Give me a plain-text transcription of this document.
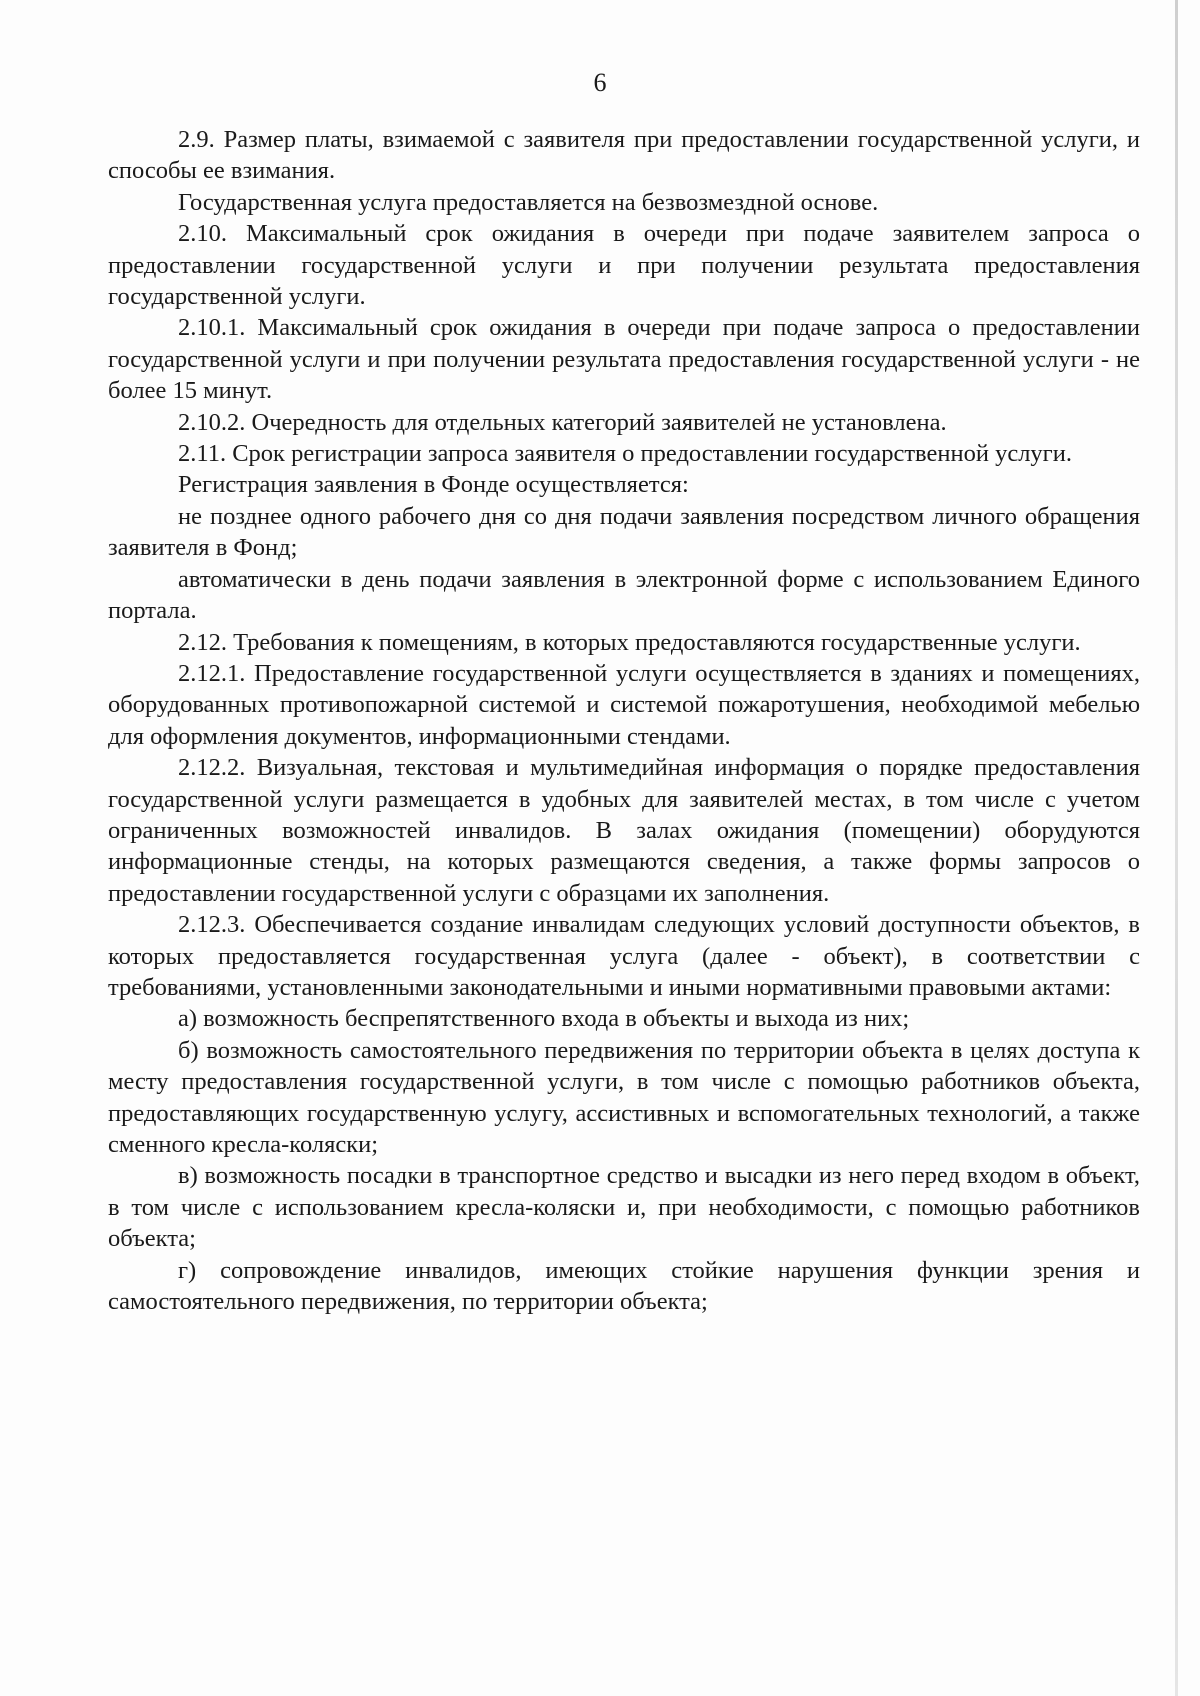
6

2.9. Размер платы, взимаемой с заявителя при предоставлении государственной услуги, и способы ее взимания.

Государственная услуга предоставляется на безвозмездной основе.

2.10. Максимальный срок ожидания в очереди при подаче заявителем запроса о предоставлении государственной услуги и при получении результата предоставления государственной услуги.

2.10.1. Максимальный срок ожидания в очереди при подаче запроса о предоставлении государственной услуги и при получении результата предоставления государственной услуги - не более 15 минут.

2.10.2. Очередность для отдельных категорий заявителей не установлена.

2.11. Срок регистрации запроса заявителя о предоставлении государственной услуги.

Регистрация заявления в Фонде осуществляется:

не позднее одного рабочего дня со дня подачи заявления посредством личного обращения заявителя в Фонд;

автоматически в день подачи заявления в электронной форме с использованием Единого портала.

2.12. Требования к помещениям, в которых предоставляются государственные услуги.

2.12.1. Предоставление государственной услуги осуществляется в зданиях и помещениях, оборудованных противопожарной системой и системой пожаротушения, необходимой мебелью для оформления документов, информационными стендами.

2.12.2. Визуальная, текстовая и мультимедийная информация о порядке предоставления государственной услуги размещается в удобных для заявителей местах, в том числе с учетом ограниченных возможностей инвалидов. В залах ожидания (помещении) оборудуются информационные стенды, на которых размещаются сведения, а также формы запросов о предоставлении государственной услуги с образцами их заполнения.

2.12.3. Обеспечивается создание инвалидам следующих условий доступности объектов, в которых предоставляется государственная услуга (далее - объект), в соответствии с требованиями, установленными законодательными и иными нормативными правовыми актами:

а) возможность беспрепятственного входа в объекты и выхода из них;

б) возможность самостоятельного передвижения по территории объекта в целях доступа к месту предоставления государственной услуги, в том числе с помощью работников объекта, предоставляющих государственную услугу, ассистивных и вспомогательных технологий, а также сменного кресла-коляски;

в) возможность посадки в транспортное средство и высадки из него перед входом в объект, в том числе с использованием кресла-коляски и, при необходимости, с помощью работников объекта;

г) сопровождение инвалидов, имеющих стойкие нарушения функции зрения и самостоятельного передвижения, по территории объекта;
